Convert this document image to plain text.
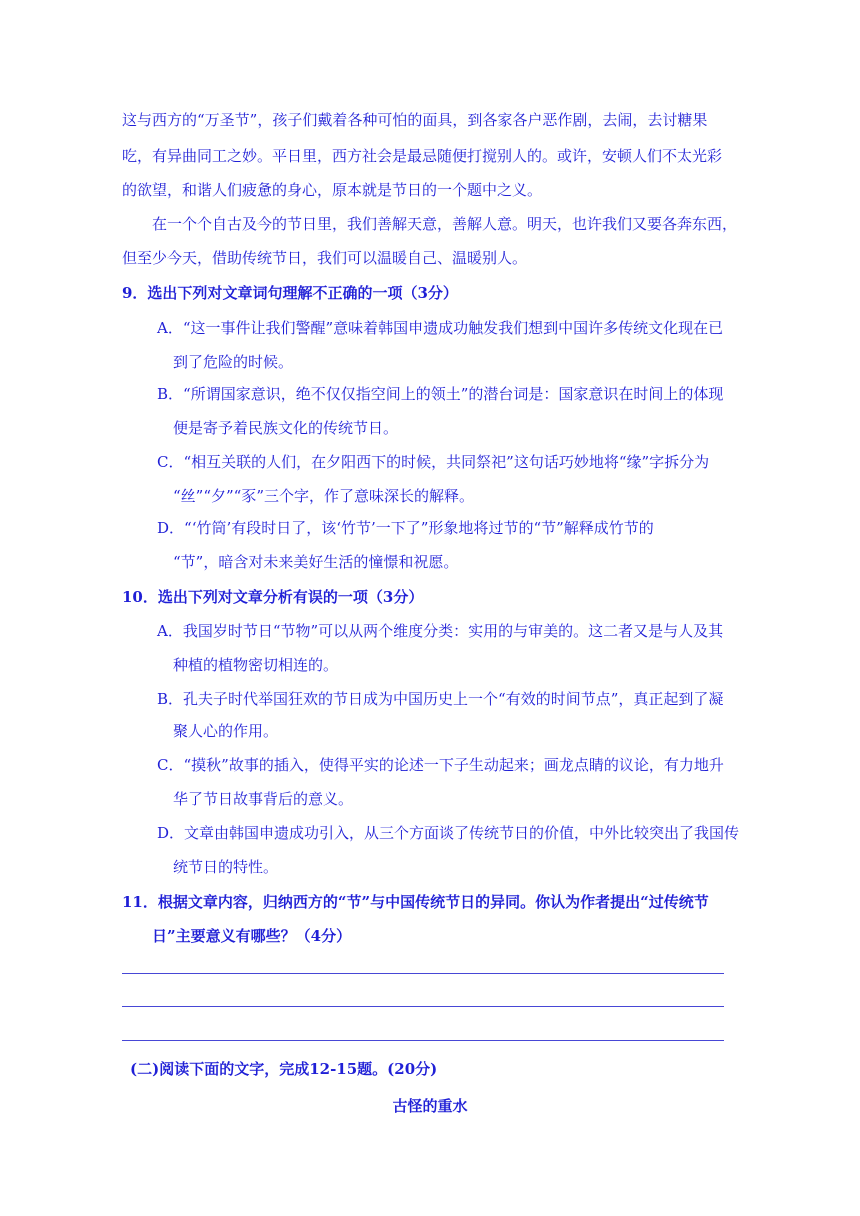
这与西方的“万圣节”，孩子们戴着各种可怕的面具，到各家各户恶作剧，去闹，去讨糖果
吃，有异曲同工之妙。平日里，西方社会是最忌随便打搅别人的。或许，安顿人们不太光彩
的欲望，和谐人们疲惫的身心，原本就是节日的一个题中之义。
在一个个自古及今的节日里，我们善解天意，善解人意。明天，也许我们又要各奔东西，
但至少今天，借助传统节日，我们可以温暖自己、温暖别人。
9．选出下列对文章词句理解不正确的一项（3分）
A．“这一事件让我们警醒”意味着韩国申遗成功触发我们想到中国许多传统文化现在已
到了危险的时候。
B．“所谓国家意识，绝不仅仅指空间上的领土”的潜台词是：国家意识在时间上的体现
便是寄予着民族文化的传统节日。
C．“相互关联的人们，在夕阳西下的时候，共同祭祀”这句话巧妙地将“缘”字拆分为
“丝”“夕”“豕”三个字，作了意味深长的解释。
D．“‘竹筒’有段时日了，该‘竹节’一下了”形象地将过节的“节”解释成竹节的
“节”，暗含对未来美好生活的憧憬和祝愿。
10．选出下列对文章分析有误的一项（3分）
A．我国岁时节日“节物”可以从两个维度分类：实用的与审美的。这二者又是与人及其
种植的植物密切相连的。
B．孔夫子时代举国狂欢的节日成为中国历史上一个“有效的时间节点”，真正起到了凝
聚人心的作用。
C．“摸秋”故事的插入，使得平实的论述一下子生动起来；画龙点睛的议论，有力地升
华了节日故事背后的意义。
D．文章由韩国申遗成功引入，从三个方面谈了传统节日的价值，中外比较突出了我国传
统节日的特性。
11．根据文章内容，归纳西方的“节”与中国传统节日的异同。你认为作者提出“过传统节
日”主要意义有哪些？（4分）
(二)阅读下面的文字，完成12-15题。(20分)
古怪的重水
